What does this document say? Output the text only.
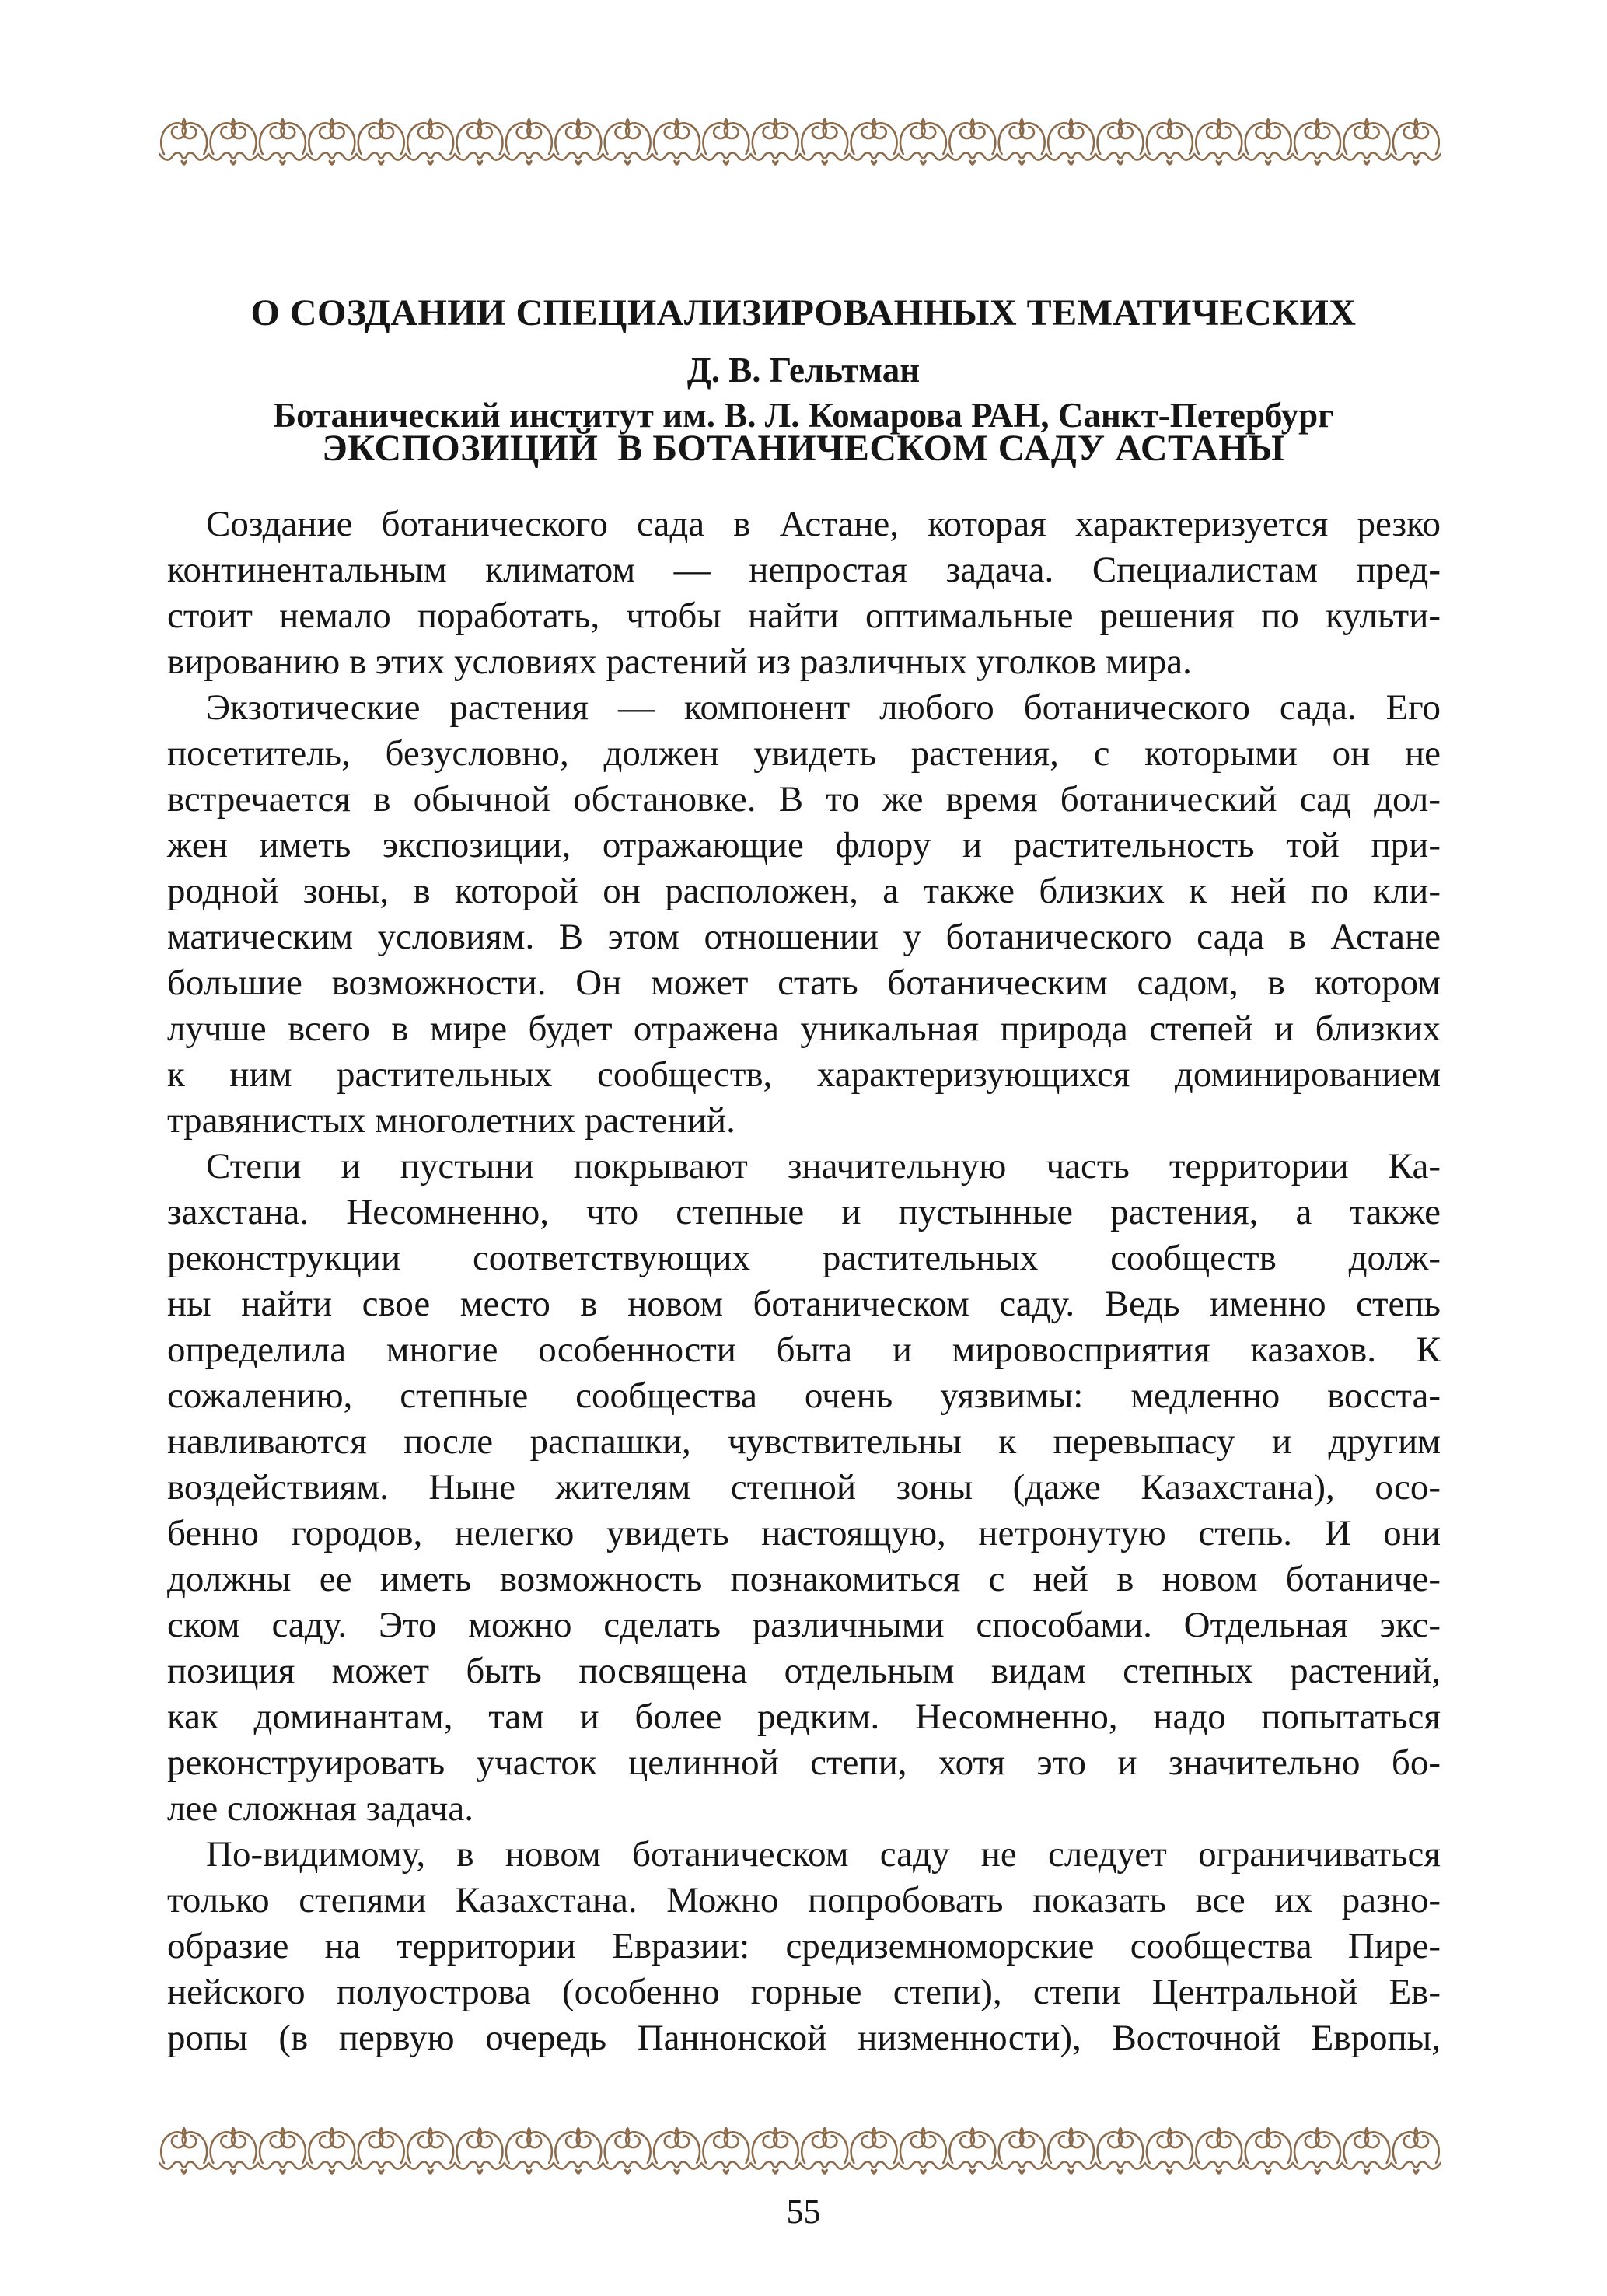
О СОЗДАНИИ СПЕЦИАЛИЗИРОВАННЫХ ТЕМАТИЧЕСКИХ

ЭКСПОЗИЦИЙ  В БОТАНИЧЕСКОМ САДУ АСТАНЫ

Д. В. Гельтман
Ботанический институт им. В. Л. Комарова РАН, Санкт-Петербург
Создание ботанического сада в Астане, которая характеризуется резко
континентальным климатом — непростая задача. Специалистам пред-
стоит немало поработать, чтобы найти оптимальные решения по культи-
вированию в этих условиях растений из различных уголков мира.
Экзотические растения — компонент любого ботанического сада. Его
посетитель, безусловно, должен увидеть растения, с которыми он не
встречается в обычной обстановке. В то же время ботанический сад дол-
жен иметь экспозиции, отражающие флору и растительность той при-
родной зоны, в которой он расположен, а также близких к ней по кли-
матическим условиям. В этом отношении у ботанического сада в Астане
большие возможности. Он может стать ботаническим садом, в котором
лучше всего в мире будет отражена уникальная природа степей и близких
к ним растительных сообществ, характеризующихся доминированием
травянистых многолетних растений.
Степи и пустыни покрывают значительную часть территории Ка-
захстана. Несомненно, что степные и пустынные растения, а также
реконструкции соответствующих растительных сообществ долж-
ны найти свое место в новом ботаническом саду. Ведь именно степь
определила многие особенности быта и мировосприятия казахов. К
сожалению, степные сообщества очень уязвимы: медленно восста-
навливаются после распашки, чувствительны к перевыпасу и другим
воздействиям. Ныне жителям степной зоны (даже Казахстана), осо-
бенно городов, нелегко увидеть настоящую, нетронутую степь. И они
должны ее иметь возможность познакомиться с ней в новом ботаниче-
ском саду. Это можно сделать различными способами. Отдельная экс-
позиция может быть посвящена отдельным видам степных растений,
как доминантам, там и более редким. Несомненно, надо попытаться
реконструировать участок целинной степи, хотя это и значительно бо-
лее сложная задача.
По-видимому, в новом ботаническом саду не следует ограничиваться
только степями Казахстана. Можно попробовать показать все их разно-
образие на территории Евразии: средиземноморские сообщества Пире-
нейского полуострова (особенно горные степи), степи Центральной Ев-
ропы (в первую очередь Паннонской низменности), Восточной Европы,
55
